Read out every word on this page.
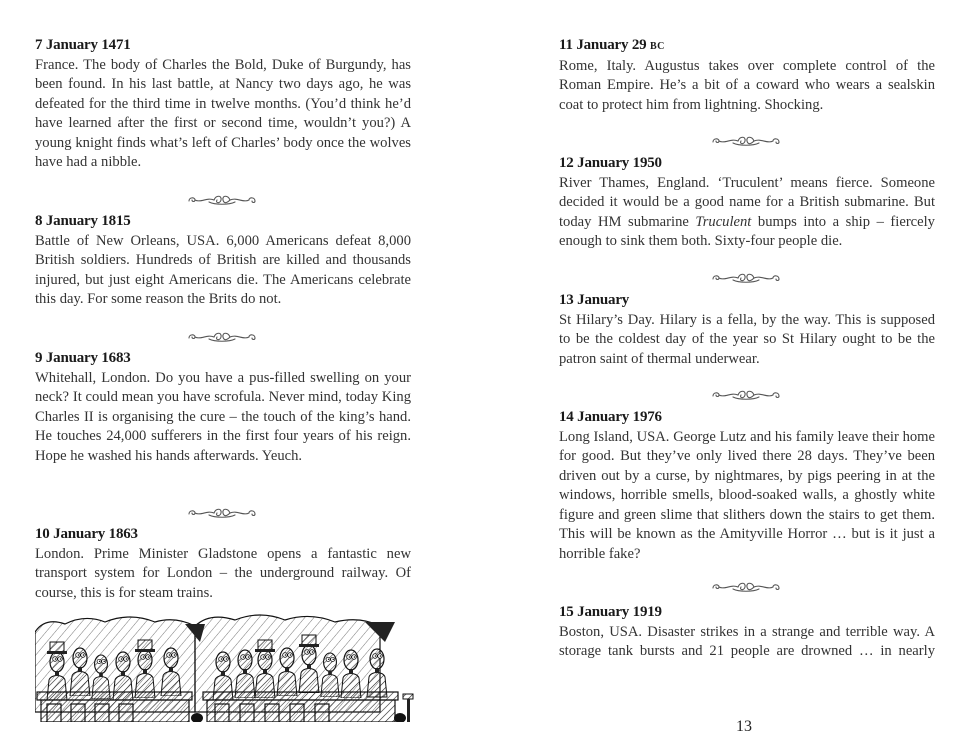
7 January 1471
France. The body of Charles the Bold, Duke of Burgundy, has been found. In his last battle, at Nancy two days ago, he was defeated for the third time in twelve months. (You’d think he’d have learned after the first or second time, wouldn’t you?) A young knight finds what’s left of Charles’ body once the wolves have had a nibble.
8 January 1815
Battle of New Orleans, USA. 6,000 Americans defeat 8,000 British soldiers. Hundreds of British are killed and thousands injured, but just eight Americans die. The Americans celebrate this day. For some reason the Brits do not.
9 January 1683
Whitehall, London. Do you have a pus-filled swelling on your neck? It could mean you have scrofula. Never mind, today King Charles II is organising the cure – the touch of the king’s hand. He touches 24,000 sufferers in the first four years of his reign. Hope he washed his hands afterwards. Yeuch.
10 January 1863
London. Prime Minister Gladstone opens a fantastic new transport system for London – the underground railway. Of course, this is for steam trains.
11 January 29 BC
Rome, Italy. Augustus takes over complete control of the Roman Empire. He’s a bit of a coward who wears a sealskin coat to protect him from lightning. Shocking.
12 January 1950
River Thames, England. ‘Truculent’ means fierce. Someone decided it would be a good name for a British submarine. But today HM submarine Truculent bumps into a ship – fiercely enough to sink them both. Sixty-four people die.
13 January
St Hilary’s Day. Hilary is a fella, by the way. This is supposed to be the coldest day of the year so St Hilary ought to be the patron saint of thermal underwear.
14 January 1976
Long Island, USA. George Lutz and his family leave their home for good. But they’ve only lived there 28 days. They’ve been driven out by a curse, by nightmares, by pigs peering in at the windows, horrible smells, blood-soaked walls, a ghostly white figure and green slime that slithers down the stairs to get them. This will be known as the Amityville Horror … but is it just a horrible fake?
15 January 1919
Boston, USA. Disaster strikes in a strange and terrible way. A storage tank bursts and 21 people are drowned … in nearly
13
